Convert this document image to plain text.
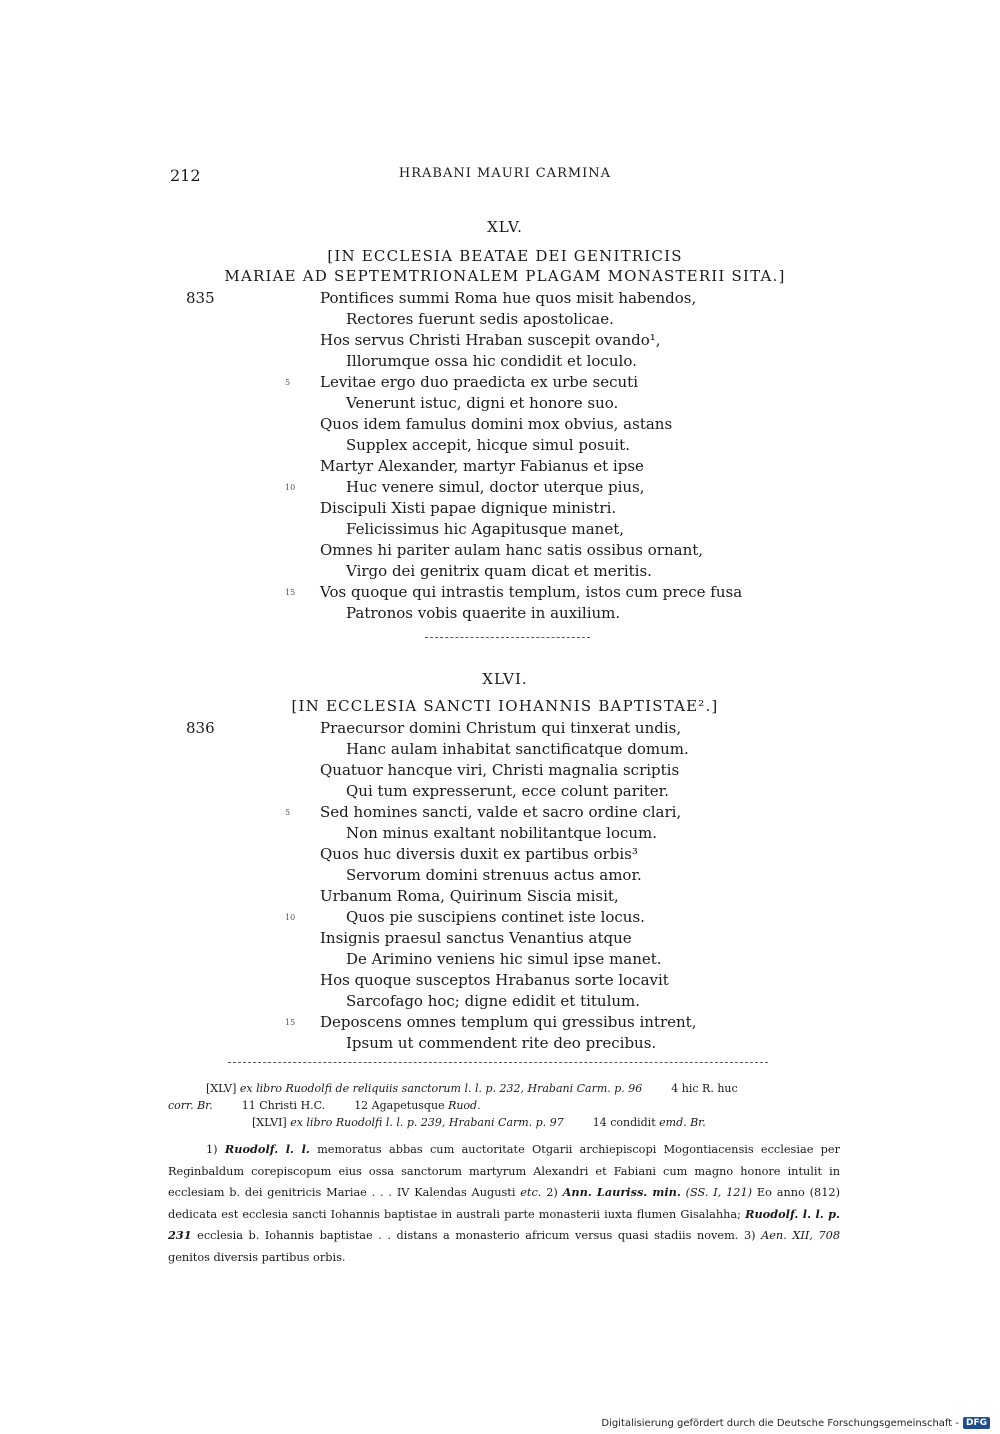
212	HRABANI MAURI CARMINA
XLV.
[IN ECCLESIA BEATAE DEI GENITRICIS
MARIAE AD SEPTEMTRIONALEM PLAGAM MONASTERII SITA.]
835	Pontifices summi Roma hue quos misit habendos,
Rectores fuerunt sedis apostolicae.
Hos servus Christi Hraban suscepit ovando¹,
Illorumque ossa hic condidit et loculo.
5 Levitae ergo duo praedicta ex urbe secuti
Venerunt istuc, digni et honore suo.
Quos idem famulus domini mox obvius, astans
Supplex accepit, hicque simul posuit.
Martyr Alexander, martyr Fabianus et ipse
10	Huc venere simul, doctor uterque pius,
Discipuli Xisti papae dignique ministri.
Felicissimus hic Agapitusque manet,
Omnes hi pariter aulam hanc satis ossibus ornant,
Virgo dei genitrix quam dicat et meritis.
15 Vos quoque qui intrastis templum, istos cum prece fusa
Patronos vobis quaerite in auxilium.
XLVI.
[IN ECCLESIA SANCTI IOHANNIS BAPTISTAE².]
836	Praecursor domini Christum qui tinxerat undis,
Hanc aulam inhabitat sanctificatque domum.
Quatuor hancque viri, Christi magnalia scriptis
Qui tum expresserunt, ecce colunt pariter.
5 Sed homines sancti, valde et sacro ordine clari,
Non minus exaltant nobilitantque locum.
Quos huc diversis duxit ex partibus orbis³
Servorum domini strenuus actus amor.
Urbanum Roma, Quirinum Siscia misit,
10	Quos pie suscipiens continet iste locus.
Insignis praesul sanctus Venantius atque
De Arimino veniens hic simul ipse manet.
Hos quoque susceptos Hrabanus sorte locavit
Sarcofago hoc; digne edidit et titulum.
15 Deposcens omnes templum qui gressibus intrent,
Ipsum ut commendent rite deo precibus.
[XLV] ex libro Ruodolfi de reliquiis sanctorum l. l. p. 232, Hrabani Carm. p. 96	4 hic R. huc
corr. Br.	11 Christi H.C.	12 Agapetusque Ruod.
[XLVI] ex libro Ruodolfi l. l. p. 239, Hrabani Carm. p. 97	14 condidit emd. Br.
1) Ruodolf. l. l. memoratus abbas cum auctoritate Otgarii archiepiscopi Mogontiacensis ecclesiae per Reginbaldum corepiscopum eius ossa sanctorum martyrum Alexandri et Fabiani cum magno honore intulit in ecclesiam b. dei genitricis Mariae . . . IV Kalendas Augusti etc. 2) Ann. Lauriss. min. (SS. I, 121) Eo anno (812) dedicata est ecclesia sancti Iohannis baptistae in australi parte monasterii iuxta flumen Gisalahha; Ruodolf. l. l. p. 231 ecclesia b. Iohannis baptistae . . distans a monasterio africum versus quasi stadiis novem. 3) Aen. XII, 708 genitos diversis partibus orbis.
Digitalisierung gefördert durch die Deutsche Forschungsgemeinschaft - DFG
